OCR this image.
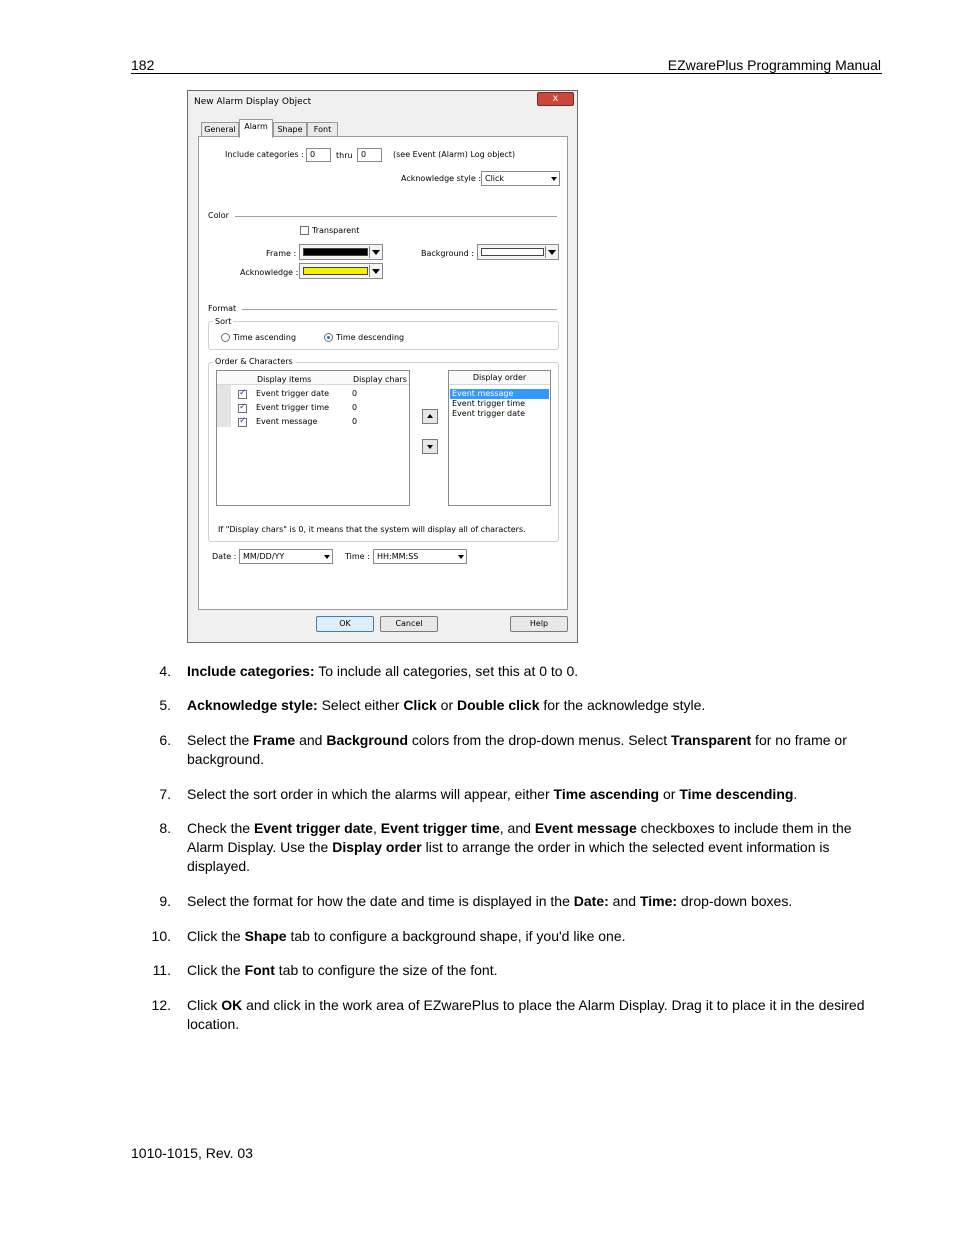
182	EZwarePlus Programming Manual
New Alarm Display Object	x
General	Alarm	Shape	Font
Include categories : 0	thru	0	(see Event (Alarm) Log object)
Acknowledge style : Click
Color
Transparent
Frame :	Background :
Acknowledge :
Format
Sort
Time ascending	Time descending
Order & Characters
Display items	Display chars
✓
Event trigger date	0
✓
Event trigger time	0
✓
Event message	0
Display order
Event message
Event trigger time
Event trigger date
If "Display chars" is 0, it means that the system will display all of characters.
Date : MM/DD/YY	Time : HH:MM:SS
OK	Cancel	Help
4. Include categories: To include all categories, set this at 0 to 0.
5. Acknowledge style: Select either Click or Double click for the acknowledge style.
6. Select the Frame and Background colors from the drop-down menus. Select Transparent for no frame or background.
7. Select the sort order in which the alarms will appear, either Time ascending or Time descending.
8. Check the Event trigger date, Event trigger time, and Event message checkboxes to include them in the Alarm Display. Use the Display order list to arrange the order in which the selected event information is displayed.
9. Select the format for how the date and time is displayed in the Date: and Time: drop-down boxes.
10. Click the Shape tab to configure a background shape, if you'd like one.
11. Click the Font tab to configure the size of the font.
12. Click OK and click in the work area of EZwarePlus to place the Alarm Display. Drag it to place it in the desired location.
1010-1015, Rev. 03
